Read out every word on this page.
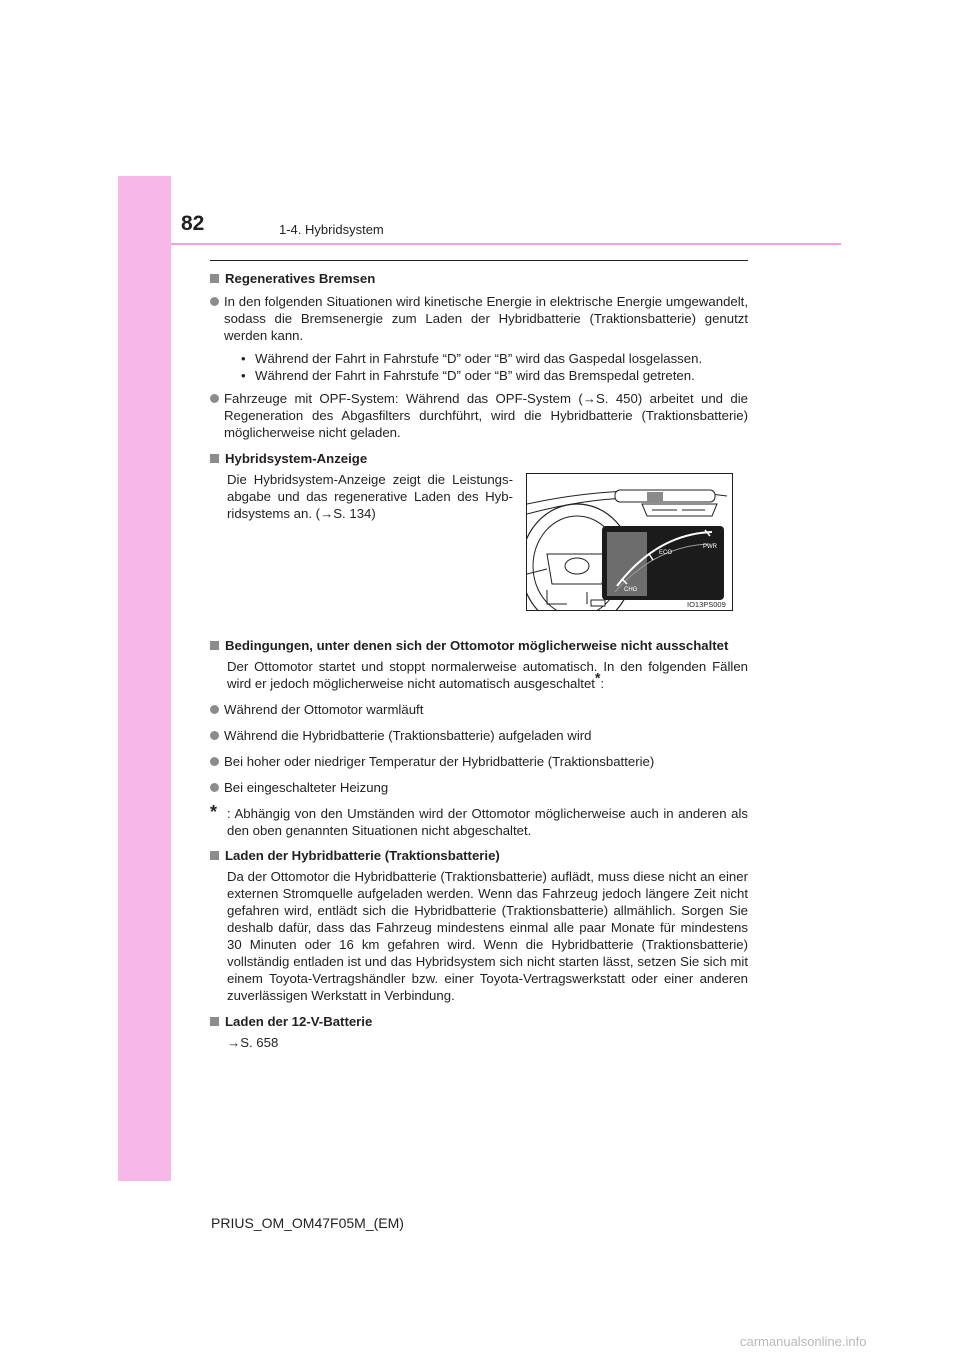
82	1-4. Hybridsystem
Regeneratives Bremsen
In den folgenden Situationen wird kinetische Energie in elektrische Energie umgewandelt, sodass die Bremsenergie zum Laden der Hybridbatterie (Traktionsbatterie) genutzt werden kann.
• Während der Fahrt in Fahrstufe “D” oder “B” wird das Gaspedal losgelassen.
• Während der Fahrt in Fahrstufe “D” oder “B” wird das Bremspedal getreten.
Fahrzeuge mit OPF-System: Während das OPF-System (→S. 450) arbeitet und die Regeneration des Abgasfilters durchführt, wird die Hybridbatterie (Traktionsbatterie) möglicherweise nicht geladen.
Hybridsystem-Anzeige
Die Hybridsystem-Anzeige zeigt die Leistungsabgabe und das regenerative Laden des Hybridsystems an. (→S. 134)
PWR
ECO
CHG
IO13PS009
Bedingungen, unter denen sich der Ottomotor möglicherweise nicht ausschaltet
Der Ottomotor startet und stoppt normalerweise automatisch. In den folgenden Fällen wird er jedoch möglicherweise nicht automatisch ausgeschaltet*:
Während der Ottomotor warmläuft
Während die Hybridbatterie (Traktionsbatterie) aufgeladen wird
Bei hoher oder niedriger Temperatur der Hybridbatterie (Traktionsbatterie)
Bei eingeschalteter Heizung
* : Abhängig von den Umständen wird der Ottomotor möglicherweise auch in anderen als den oben genannten Situationen nicht abgeschaltet.
Laden der Hybridbatterie (Traktionsbatterie)
Da der Ottomotor die Hybridbatterie (Traktionsbatterie) auflädt, muss diese nicht an einer externen Stromquelle aufgeladen werden. Wenn das Fahrzeug jedoch längere Zeit nicht gefahren wird, entlädt sich die Hybridbatterie (Traktionsbatterie) allmählich. Sorgen Sie deshalb dafür, dass das Fahrzeug mindestens einmal alle paar Monate für mindestens 30 Minuten oder 16 km gefahren wird. Wenn die Hybridbatterie (Traktionsbatterie) vollständig entladen ist und das Hybridsystem sich nicht starten lässt, setzen Sie sich mit einem Toyota-Vertragshändler bzw. einer Toyota-Vertragswerkstatt oder einer anderen zuverlässigen Werkstatt in Verbindung.
Laden der 12-V-Batterie
→S. 658
PRIUS_OM_OM47F05M_(EM)
carmanualsonline.info
